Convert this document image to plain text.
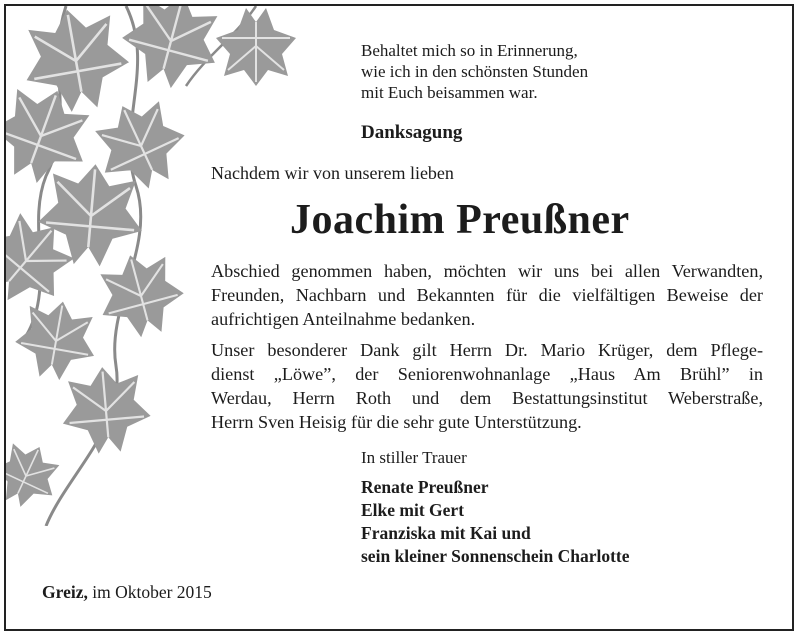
Behaltet mich so in Erinnerung,
wie ich in den schönsten Stunden
mit Euch beisammen war.
Danksagung
Nachdem wir von unserem lieben
Joachim Preußner
Abschied genommen haben, möchten wir uns bei allen Verwandten,
Freunden, Nachbarn und Bekannten für die vielfältigen Beweise der
aufrichtigen Anteilnahme bedanken.
Unser besonderer Dank gilt Herrn Dr. Mario Krüger, dem Pflege-
dienst „Löwe”, der Seniorenwohnanlage „Haus Am Brühl” in
Werdau, Herrn Roth und dem Bestattungsinstitut Weberstraße,
Herrn Sven Heisig für die sehr gute Unterstützung.
In stiller Trauer
Renate Preußner
Elke mit Gert
Franziska mit Kai und
sein kleiner Sonnenschein Charlotte
Greiz, im Oktober 2015
